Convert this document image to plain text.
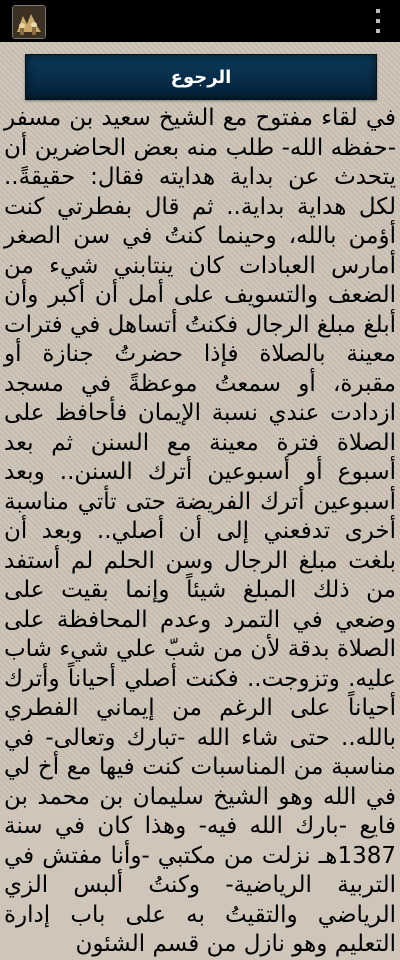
الرجوع

في لقاء مفتوح مع الشيخ سعيد بن مسفر -حفظه الله- طلب منه بعض الحاضرين أن يتحدث عن بداية هدايته فقال: حقيقةً.. لكل هداية بداية.. ثم قال بفطرتي كنت أؤمن بالله، وحينما كنتُ في سن الصغر أمارس العبادات كان ينتابني شيء من الضعف والتسويف على أمل أن أكبر وأن أبلغ مبلغ الرجال فكنتُ أتساهل في فترات معينة بالصلاة فإذا حضرتُ جنازة أو مقبرة، أو سمعتُ موعظةً في مسجد ازدادت عندي نسبة الإيمان فأحافظ على الصلاة فترة معينة مع السنن ثم بعد أسبوع أو أسبوعين أترك السنن.. وبعد أسبوعين أترك الفريضة حتى تأتي مناسبة أخرى تدفعني إلى أن أصلي.. وبعد أن بلغت مبلغ الرجال وسن الحلم لم أستفد من ذلك المبلغ شيئاً وإنما بقيت على وضعي في التمرد وعدم المحافظة على الصلاة بدقة لأن من شبّ علي شيء شاب عليه. وتزوجت.. فكنت أصلي أحياناً وأترك أحياناً على الرغم من إيماني الفطري بالله.. حتى شاء الله -تبارك وتعالى- في مناسبة من المناسبات كنت فيها مع أخ لي في الله وهو الشيخ سليمان بن محمد بن فايع -بارك الله فيه- وهذا كان في سنة 1387هـ نزلت من مكتبي -وأنا مفتش في التربية الرياضية- وكنتُ ألبس الزي الرياضي والتقيتُ به على باب إدارة التعليم وهو نازل من قسم الشئون
